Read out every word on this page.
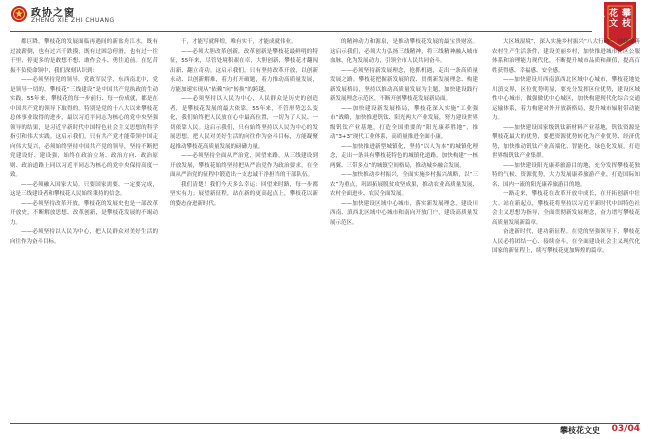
政协之窗
ZHENG XIE ZHI CHUANG	攀枝花文史

都巨降，攀枝花的发展面临再遇间的新盆舟江水，既有过波薪倒，也有过兴千跌摸，既有过困急停滑，也有过一往千里，停更多的是敢想不想、敢作会斗、勇往追前。在忆昔振不负使命领中，我们深刻认识到：

——必须坚持党的领导，党政军民学，东西南北中，党是领导一切的。攀枝花“三线建设”是中国共产党执政的生动实践，55年来，攀枝花的每一步前行、每一份成就，都是在中国共产党的领导下取得的。特别是党的十八大以来攀枝花总体事业取得的进步，最以习近平同志为核心的党中央坚强领导的结果，是习近平新时代中国特色社会主义思想的科学指引和伟大实践。这启示我们，只有共产党才能带领中国走向伟大复兴，必须始终坚持中国共产党的领导，坚持不断把党建设好、建设强，始终在政治立场、政治方向、政治原则、政治道路上同以习近平同志为核心的党中央保持高度一致。

——必须融入国家大局。只要国家需要，一定要完成，这是三线建设者和攀枝花人民始终秉持的信念。

——必须坚持改革开放，攀枝花的发展史也是一部改革开放史，不断解放思想、改革创新，是攀枝花发展的不竭动力。

——必须坚持以人民为中心，把人民群众对美好生活的向往作为奋斗目标。

干，才能写就辉煌，唯有实干，才能成就伟业。

——必须大胆改革创新，改革创新是攀枝花最鲜明的特征，55年来，尽管处境积艰在卓，大胆创新，攀枝花才翻闯出新、翻立奇功。这启示我们，只有坚持改革开放，以创新永动、以创新解难，着力打开破题，着力推动高质量发展，方能加速实现从“依赖”向“转换”的跨越。

——必须坚持以人民为中心，人民群众是历史的创造者，是攀枝花发展的最大依靠。55年来，不管形势怎么变化，我们始终把人民放在心中最高位置，一切为了人民、一切依靠人民。这启示我们，只有始终坚持以人民为中心的发展思想，把人民对美好生活的向往作为奋斗目标，方能凝聚起推动攀枝花高质量发展的磅礴力量。

——必须坚持全面从严治党，回望来路，从三线建设到开放发展，攀枝花始终坚持把从严治党作为政治要求，在全面从严治党的征程中锻造出一支忠诚干净担当的干部队伍。

我们清楚！我们今天多么幸运：回望来时路，每一步都坚实有力；展望新征程，站在新的更高起点上，攀枝花以新的姿态奋进新时代。

的精神动力和源泉，是推动攀枝花发展的最宝贵财富。这启示我们，必须大力弘扬三线精神，将三线精神融入城市血脉、化为发展动力，引领全市人民共同奋斗。

——必须坚持新发展理念，抢抓机遇，走出一条高质量发展之路。攀枝花把握新发展阶段、贯彻新发展理念、构建新发展格局，坚持以推动高质量发展为主题，加快建设践行新发展理念示范区，不断开创攀枝花发展新局面。

——加快建设新发展格局，攀枝花深入实施“工业强市”战略，加快推进钒钛、阳光两大产业发展，努力建设世界级钒钛产业基地，打造全国重要的“阳光康养胜地”，推动“3+3”现代工业体系，高质量推进全面小康。

——加快推进新型城镇化，坚持“以人为本”的城镇化理念，走出一条具有攀枝花特色的城镇化道路，加快构建“一核两翼、三带多点”的城镇空间格局，推动城乡融合发展。

——加快推动乡村振兴，全面实施乡村振兴战略，以“三农”为重点，巩固拓展脱贫攻坚成果，推动农业高质量发展、农村全面进步、农民全面发展。

——加快建设区域中心城市，落实新发展理念，建设川西南、滇西北区域中心城市和南向开放门户，建设高质量发展示范区。

大区域湿境”，深入实施乡村振兴“八大行动”，持续改善农村生产生活条件，建设美丽乡村，加快推进城市社区公服体系和治理能力现代化，不断提升城市品质和颜值，提高百姓获得感、幸福感、安全感。

——加快建设川西南滇西北区域中心城市，攀枝花地处川滇交界，区位优势明显，要充分发挥区位优势，建设区域性中心城市，做强做优中心城区，加快构建现代化综合交通运输体系，着力构建对外开放新格局，提升城市辐射带动能力。

——加快建设国家级钒钛新材料产业基地，钒钛资源是攀枝花最大的优势，要把资源优势转化为产业优势、经济优势，加快推动钒钛产业高端化、智能化、绿色化发展，打造世界级钒钛产业集群。

——加快建设阳光康养旅游目的地，充分发挥攀枝花独特的气候、资源优势，大力发展康养旅游产业，打造国际知名、国内一流的阳光康养旅游目的地。

一路走来，攀枝花在改革开放中成长，在开拓创新中壮大。站在新起点，攀枝花将坚持以习近平新时代中国特色社会主义思想为指导，全面贯彻新发展理念，奋力谱写攀枝花高质量发展新篇章。

奋进新时代，建功新征程。在党的坚强领导下，攀枝花人民必将团结一心、接续奋斗，在全面建设社会主义现代化国家的新征程上，续写攀枝花更加辉煌的篇章。

攀枝花文史 03/04
